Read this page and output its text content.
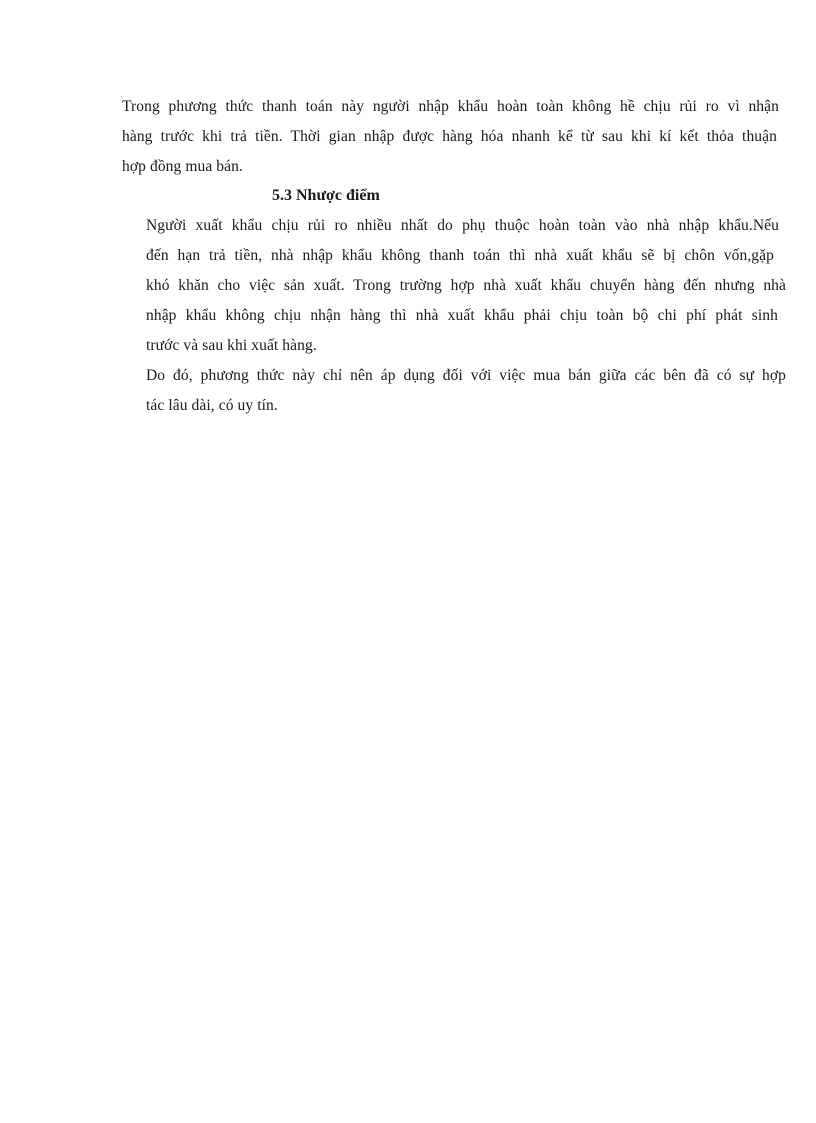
Trong phương thức thanh toán này người nhập khẩu hoàn toàn không hề chịu rủi ro vì nhận
hàng trước khi trả tiền. Thời gian nhập được hàng hóa nhanh kể từ sau khi kí kết thỏa thuận
hợp đồng mua bán.
5.3 Nhược điểm
Người xuất khẩu chịu rủi ro nhiều nhất do phụ thuộc hoàn toàn vào nhà nhập khẩu.Nếu
đến hạn trả tiền, nhà nhập khẩu không thanh toán thì nhà xuất khẩu sẽ bị chôn vốn,gặp
khó khăn cho việc sản xuất. Trong trường hợp nhà xuất khẩu chuyển hàng đến nhưng nhà
nhập khẩu không chịu nhận hàng thì nhà xuất khẩu phải chịu toàn bộ chi phí phát sinh
trước và sau khi xuất hàng.
Do đó, phương thức này chỉ nên áp dụng đối với việc mua bán giữa các bên đã có sự hợp
tác lâu dài, có uy tín.
